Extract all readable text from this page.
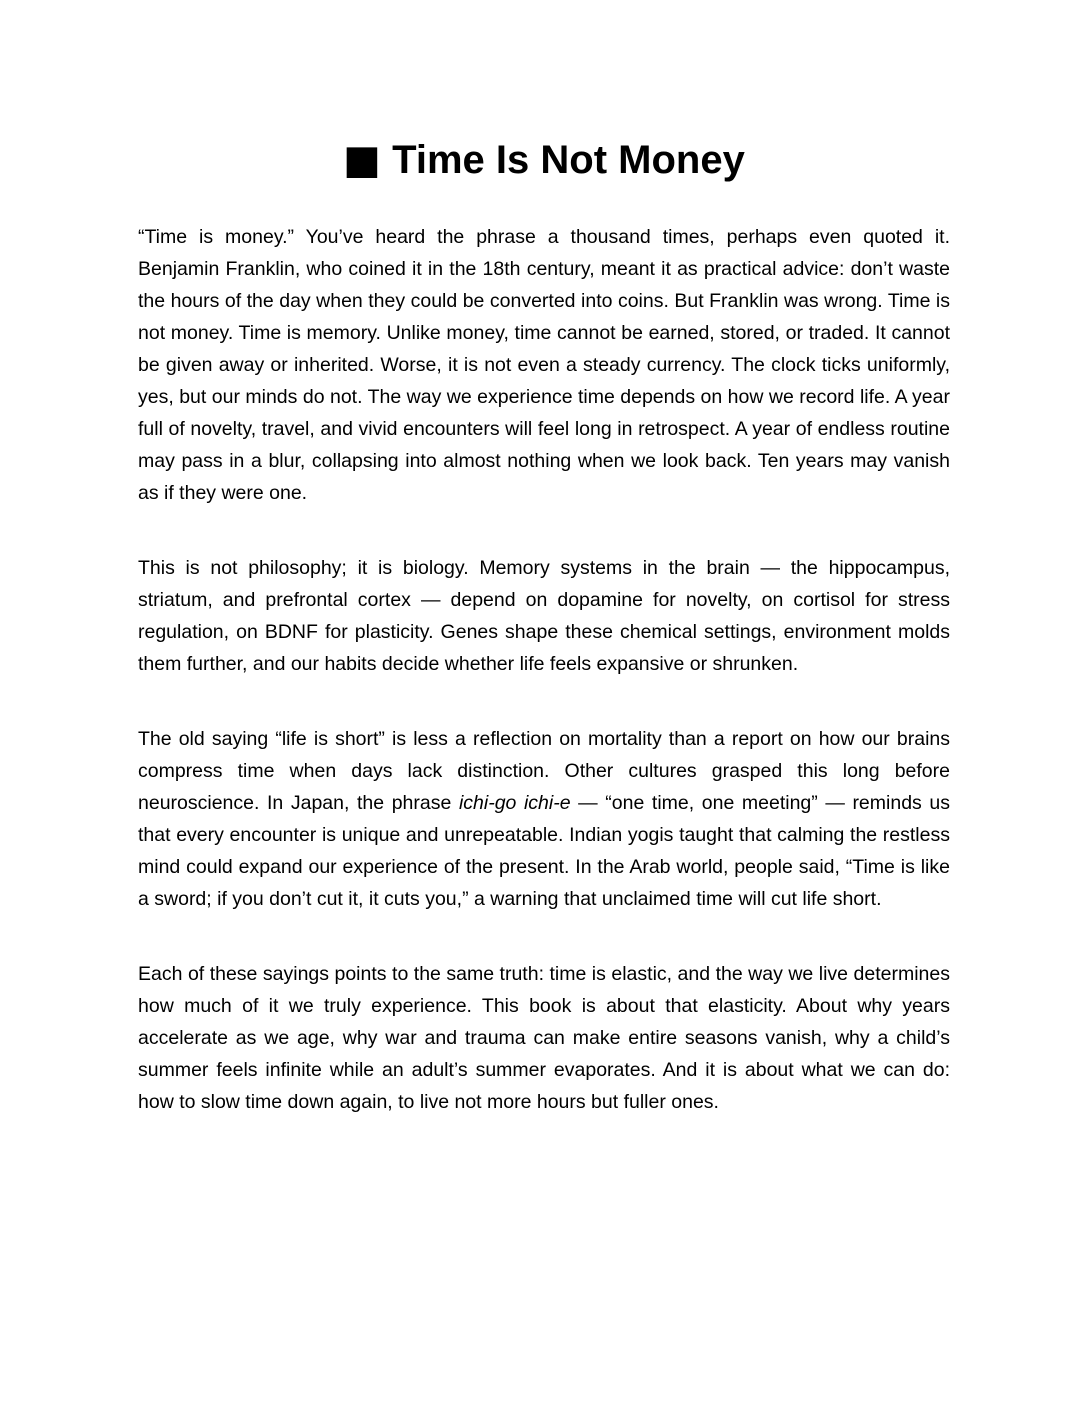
■ Time Is Not Money

“Time is money.” You’ve heard the phrase a thousand times, perhaps even quoted it. Benjamin Franklin, who coined it in the 18th century, meant it as practical advice: don’t waste the hours of the day when they could be converted into coins. But Franklin was wrong. Time is not money. Time is memory. Unlike money, time cannot be earned, stored, or traded. It cannot be given away or inherited. Worse, it is not even a steady currency. The clock ticks uniformly, yes, but our minds do not. The way we experience time depends on how we record life. A year full of novelty, travel, and vivid encounters will feel long in retrospect. A year of endless routine may pass in a blur, collapsing into almost nothing when we look back. Ten years may vanish as if they were one.

This is not philosophy; it is biology. Memory systems in the brain — the hippocampus, striatum, and prefrontal cortex — depend on dopamine for novelty, on cortisol for stress regulation, on BDNF for plasticity. Genes shape these chemical settings, environment molds them further, and our habits decide whether life feels expansive or shrunken.

The old saying “life is short” is less a reflection on mortality than a report on how our brains compress time when days lack distinction. Other cultures grasped this long before neuroscience. In Japan, the phrase ichi-go ichi-e — “one time, one meeting” — reminds us that every encounter is unique and unrepeatable. Indian yogis taught that calming the restless mind could expand our experience of the present. In the Arab world, people said, “Time is like a sword; if you don’t cut it, it cuts you,” a warning that unclaimed time will cut life short.

Each of these sayings points to the same truth: time is elastic, and the way we live determines how much of it we truly experience. This book is about that elasticity. About why years accelerate as we age, why war and trauma can make entire seasons vanish, why a child’s summer feels infinite while an adult’s summer evaporates. And it is about what we can do: how to slow time down again, to live not more hours but fuller ones.
